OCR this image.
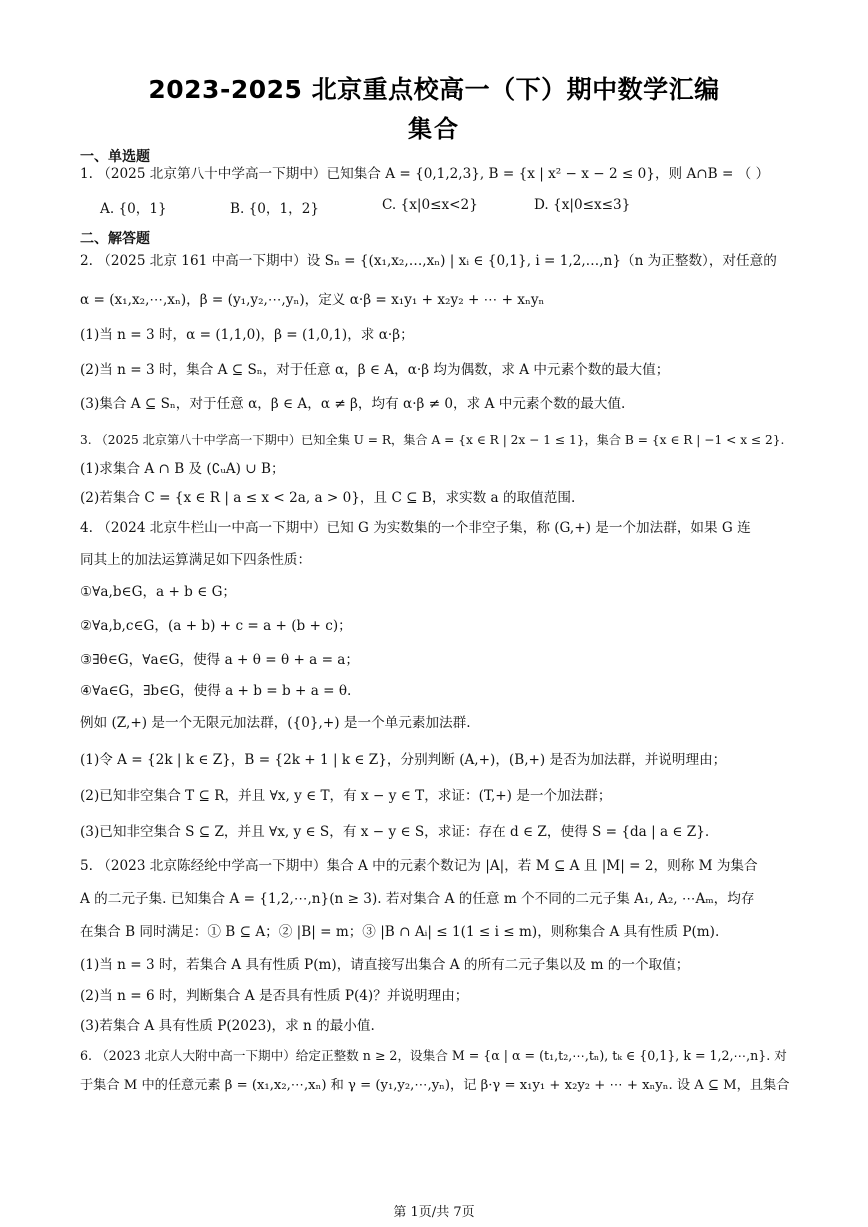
2023-2025 北京重点校高一（下）期中数学汇编
集合
一、单选题
1. （2025 北京第八十中学高一下期中）已知集合 A = {0,1,2,3}, B = {x | x² − x − 2 ≤ 0}，则 A∩B = （ ）
A. {0，1}	B. {0，1，2}	C. {x|0≤x<2}	D. {x|0≤x≤3}
二、解答题
2. （2025 北京 161 中高一下期中）设 Sₙ = {(x₁,x₂,…,xₙ) | xᵢ ∈ {0,1}, i = 1,2,…,n}（n 为正整数），对任意的
α = (x₁,x₂,⋯,xₙ)，β = (y₁,y₂,⋯,yₙ)，定义 α·β = x₁y₁ + x₂y₂ + ⋯ + xₙyₙ
(1)当 n = 3 时，α = (1,1,0)，β = (1,0,1)，求 α·β；
(2)当 n = 3 时，集合 A ⊆ Sₙ，对于任意 α，β ∈ A，α·β 均为偶数，求 A 中元素个数的最大值；
(3)集合 A ⊆ Sₙ，对于任意 α，β ∈ A，α ≠ β，均有 α·β ≠ 0，求 A 中元素个数的最大值.
3. （2025 北京第八十中学高一下期中）已知全集 U = R，集合 A = {x ∈ R | 2x − 1 ≤ 1}，集合 B = {x ∈ R | −1 < x ≤ 2}.
(1)求集合 A ∩ B 及 (∁ᵤA) ∪ B；
(2)若集合 C = {x ∈ R | a ≤ x < 2a, a > 0}，且 C ⊆ B，求实数 a 的取值范围.
4. （2024 北京牛栏山一中高一下期中）已知 G 为实数集的一个非空子集，称 (G,+) 是一个加法群，如果 G 连
同其上的加法运算满足如下四条性质：
①∀a,b∈G，a + b ∈ G；
②∀a,b,c∈G，(a + b) + c = a + (b + c)；
③∃θ∈G，∀a∈G，使得 a + θ = θ + a = a；
④∀a∈G，∃b∈G，使得 a + b = b + a = θ.
例如 (Z,+) 是一个无限元加法群，({0},+) 是一个单元素加法群.
(1)令 A = {2k | k ∈ Z}，B = {2k + 1 | k ∈ Z}，分别判断 (A,+)，(B,+) 是否为加法群，并说明理由；
(2)已知非空集合 T ⊆ R，并且 ∀x, y ∈ T，有 x − y ∈ T，求证：(T,+) 是一个加法群；
(3)已知非空集合 S ⊆ Z，并且 ∀x, y ∈ S，有 x − y ∈ S，求证：存在 d ∈ Z，使得 S = {da | a ∈ Z}.
5. （2023 北京陈经纶中学高一下期中）集合 A 中的元素个数记为 |A|，若 M ⊆ A 且 |M| = 2，则称 M 为集合
A 的二元子集. 已知集合 A = {1,2,⋯,n}(n ≥ 3). 若对集合 A 的任意 m 个不同的二元子集 A₁, A₂, ⋯Aₘ，均存
在集合 B 同时满足：① B ⊆ A；② |B| = m；③ |B ∩ Aᵢ| ≤ 1(1 ≤ i ≤ m)，则称集合 A 具有性质 P(m).
(1)当 n = 3 时，若集合 A 具有性质 P(m)，请直接写出集合 A 的所有二元子集以及 m 的一个取值；
(2)当 n = 6 时，判断集合 A 是否具有性质 P(4)？并说明理由；
(3)若集合 A 具有性质 P(2023)，求 n 的最小值.
6. （2023 北京人大附中高一下期中）给定正整数 n ≥ 2，设集合 M = {α | α = (t₁,t₂,⋯,tₙ), tₖ ∈ {0,1}, k = 1,2,⋯,n}. 对
于集合 M 中的任意元素 β = (x₁,x₂,⋯,xₙ) 和 γ = (y₁,y₂,⋯,yₙ)，记 β·γ = x₁y₁ + x₂y₂ + ⋯ + xₙyₙ. 设 A ⊆ M，且集合
第 1页/共 7页
